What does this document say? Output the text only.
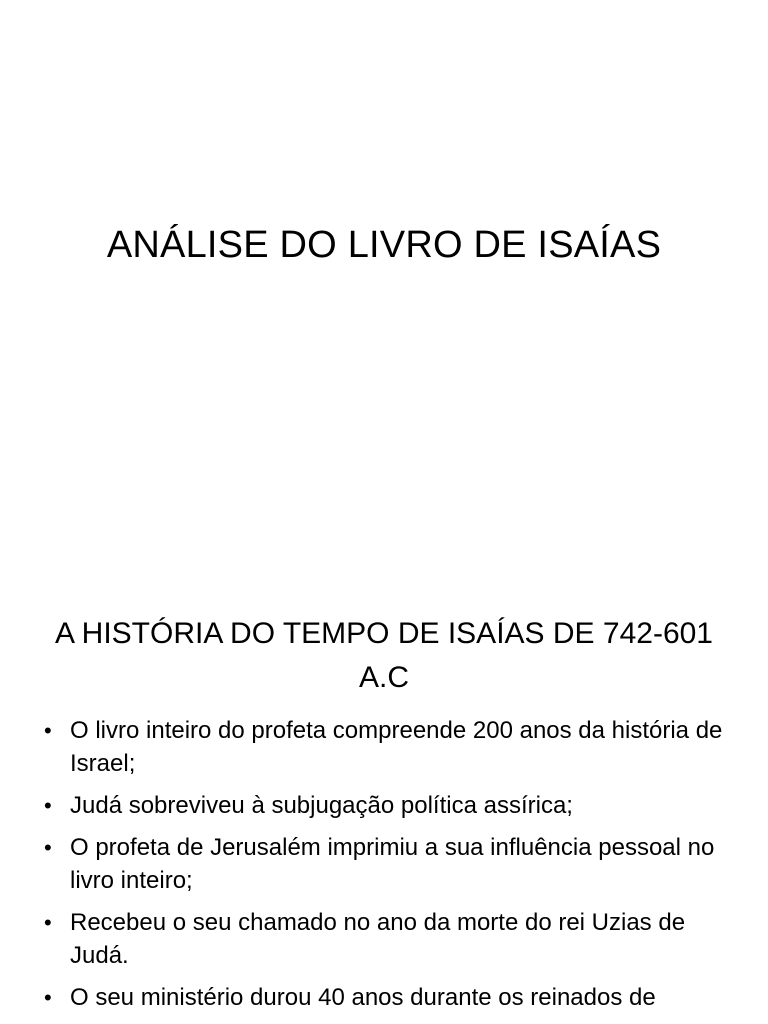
ANÁLISE DO LIVRO DE ISAÍAS
A HISTÓRIA DO TEMPO DE ISAÍAS DE 742-601
A.C
• O livro inteiro do profeta compreende 200 anos da história de Israel;
• Judá sobreviveu à subjugação política assírica;
• O profeta de Jerusalém imprimiu a sua influência pessoal no livro inteiro;
• Recebeu o seu chamado no ano da morte do rei Uzias de Judá.
• O seu ministério durou 40 anos durante os reinados de
